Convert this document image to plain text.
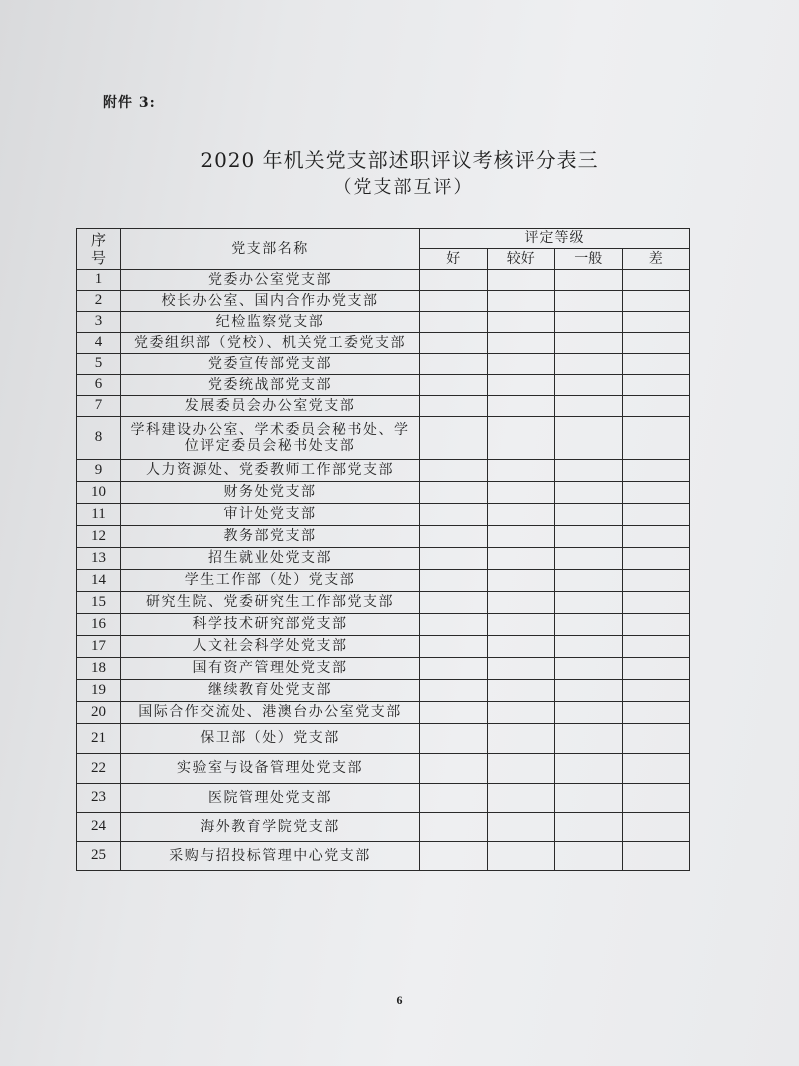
附件 3:
2020 年机关党支部述职评议考核评分表三
（党支部互评）
序号	党支部名称	评定等级			
		好	较好	一般	差
1	党委办公室党支部				
2	校长办公室、国内合作办党支部				
3	纪检监察党支部				
4	党委组织部（党校）、机关党工委党支部				
5	党委宣传部党支部				
6	党委统战部党支部				
7	发展委员会办公室党支部				
8	学科建设办公室、学术委员会秘书处、学位评定委员会秘书处支部				
9	人力资源处、党委教师工作部党支部				
10	财务处党支部				
11	审计处党支部				
12	教务部党支部				
13	招生就业处党支部				
14	学生工作部（处）党支部				
15	研究生院、党委研究生工作部党支部				
16	科学技术研究部党支部				
17	人文社会科学处党支部				
18	国有资产管理处党支部				
19	继续教育处党支部				
20	国际合作交流处、港澳台办公室党支部				
21	保卫部（处）党支部				
22	实验室与设备管理处党支部				
23	医院管理处党支部				
24	海外教育学院党支部				
25	采购与招投标管理中心党支部				
6
